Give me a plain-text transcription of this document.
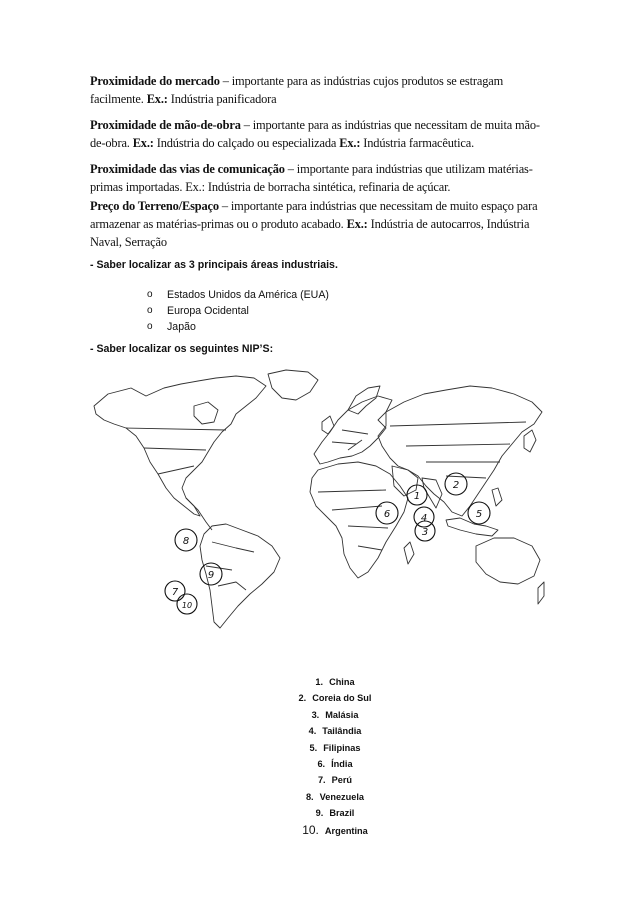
Proximidade do mercado – importante para as indústrias cujos produtos se estragam facilmente. Ex.: Indústria panificadora

Proximidade de mão-de-obra – importante para as indústrias que necessitam de muita mão-de-obra. Ex.: Indústria do calçado ou especializada Ex.: Indústria farmacêutica.

Proximidade das vias de comunicação – importante para indústrias que utilizam matérias-primas importadas. Ex.: Indústria de borracha sintética, refinaria de açúcar.

Preço do Terreno/Espaço – importante para indústrias que necessitam de muito espaço para armazenar as matérias-primas ou o produto acabado. Ex.: Indústria de autocarros, Indústria Naval, Serração

- Saber localizar as 3 principais áreas industriais.

o Estados Unidos da América (EUA)
o Europa Ocidental
o Japão

- Saber localizar os seguintes NIP’S:

1
2
3
4	5
6
7
8
9
10
1. China
2. Coreia do Sul
3. Malásia
4. Tailândia
5. Filipinas
6. Índia
7. Perú
8. Venezuela
9. Brazil
10. Argentina
